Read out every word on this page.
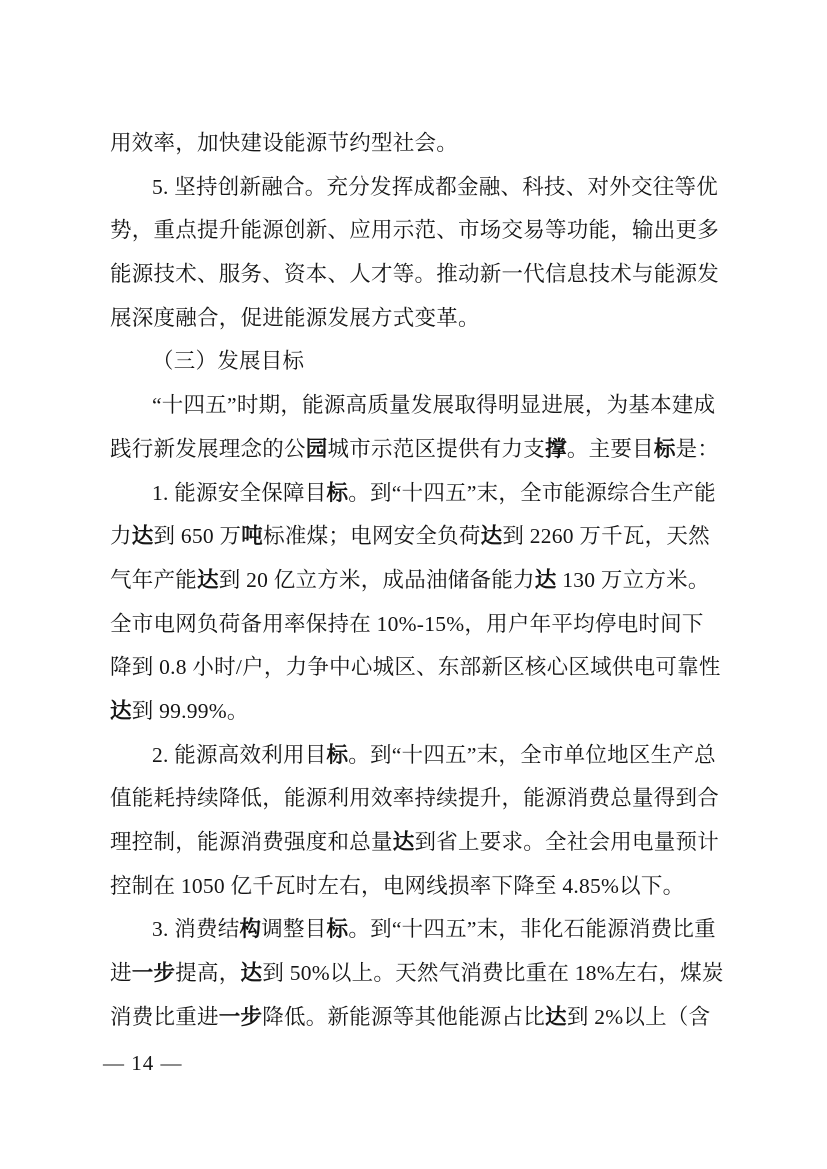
用效率，加快建设能源节约型社会。
5. 坚持创新融合。充分发挥成都金融、科技、对外交往等优
势，重点提升能源创新、应用示范、市场交易等功能，输出更多
能源技术、服务、资本、人才等。推动新一代信息技术与能源发
展深度融合，促进能源发展方式变革。
（三）发展目标
“十四五”时期，能源高质量发展取得明显进展，为基本建成
践行新发展理念的公园城市示范区提供有力支撑。主要目标是：
1. 能源安全保障目标。到“十四五”末，全市能源综合生产能
力达到 650 万吨标准煤；电网安全负荷达到 2260 万千瓦，天然
气年产能达到 20 亿立方米，成品油储备能力达 130 万立方米。
全市电网负荷备用率保持在 10%-15%，用户年平均停电时间下
降到 0.8 小时/户，力争中心城区、东部新区核心区域供电可靠性
达到 99.99%。
2. 能源高效利用目标。到“十四五”末，全市单位地区生产总
值能耗持续降低，能源利用效率持续提升，能源消费总量得到合
理控制，能源消费强度和总量达到省上要求。全社会用电量预计
控制在 1050 亿千瓦时左右，电网线损率下降至 4.85%以下。
3. 消费结构调整目标。到“十四五”末，非化石能源消费比重
进一步提高，达到 50%以上。天然气消费比重在 18%左右，煤炭
消费比重进一步降低。新能源等其他能源占比达到 2%以上（含
— 14 —
